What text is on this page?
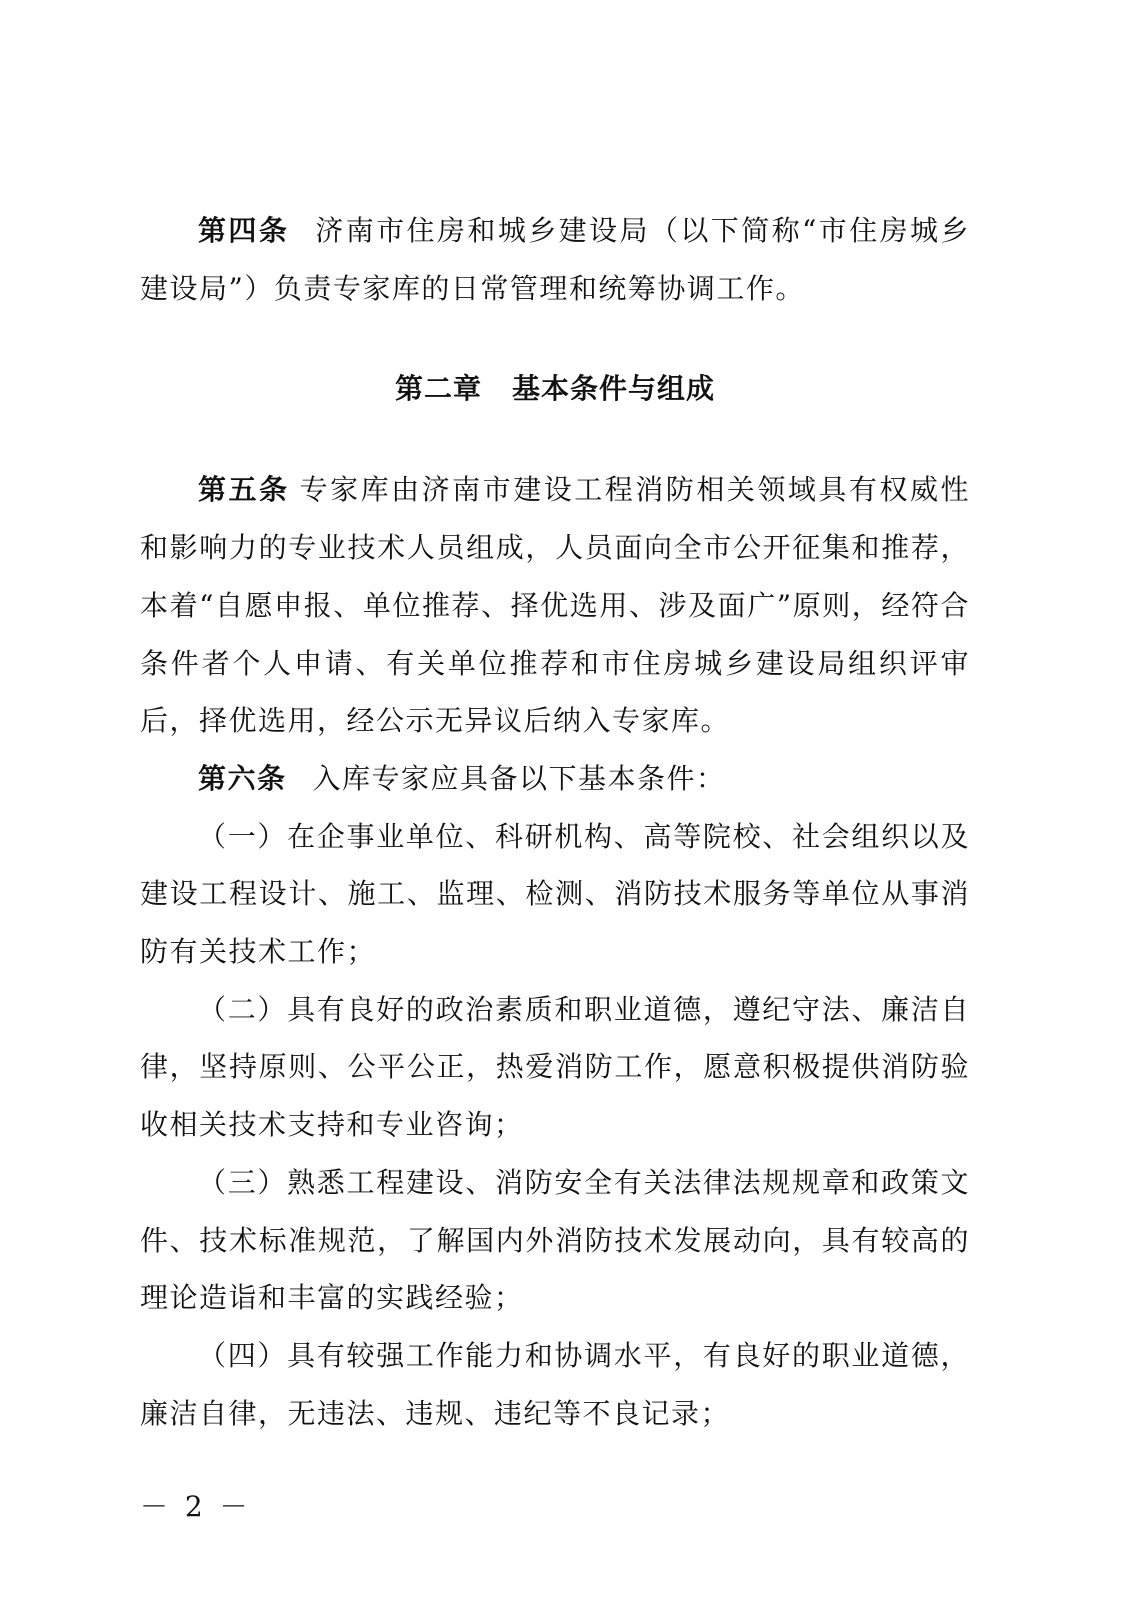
第四条 济南市住房和城乡建设局（以下简称“市住房城乡建设局”）负责专家库的日常管理和统筹协调工作。

第二章 基本条件与组成

第五条 专家库由济南市建设工程消防相关领域具有权威性和影响力的专业技术人员组成，人员面向全市公开征集和推荐，本着“自愿申报、单位推荐、择优选用、涉及面广”原则，经符合条件者个人申请、有关单位推荐和市住房城乡建设局组织评审后，择优选用，经公示无异议后纳入专家库。

第六条 入库专家应具备以下基本条件：

（一）在企事业单位、科研机构、高等院校、社会组织以及建设工程设计、施工、监理、检测、消防技术服务等单位从事消防有关技术工作；

（二）具有良好的政治素质和职业道德，遵纪守法、廉洁自律，坚持原则、公平公正，热爱消防工作，愿意积极提供消防验收相关技术支持和专业咨询；

（三）熟悉工程建设、消防安全有关法律法规规章和政策文件、技术标准规范，了解国内外消防技术发展动向，具有较高的理论造诣和丰富的实践经验；

（四）具有较强工作能力和协调水平，有良好的职业道德，廉洁自律，无违法、违规、违纪等不良记录；

－ 2 －
